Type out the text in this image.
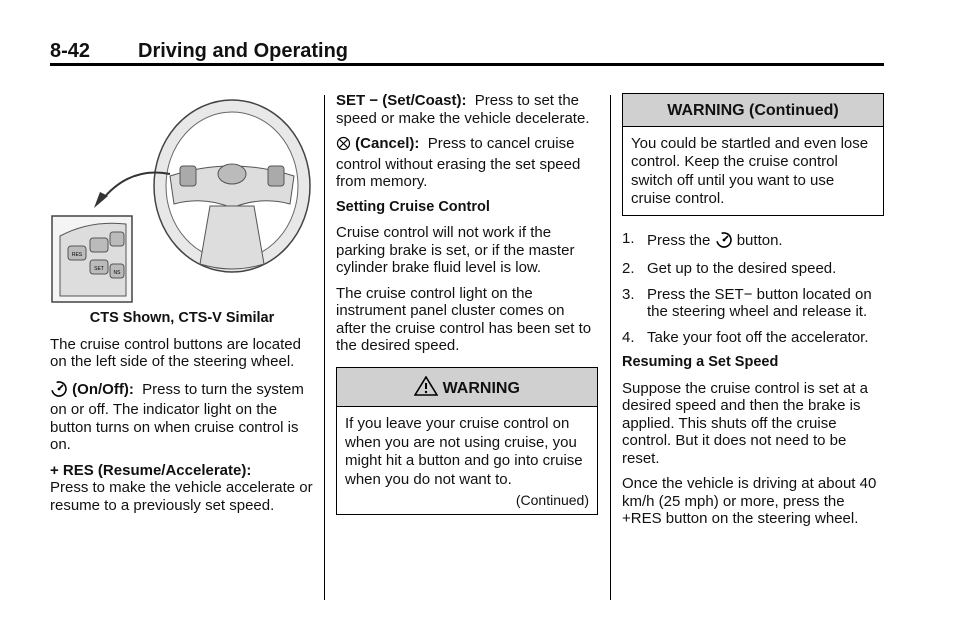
8-42 Driving and Operating
RES
SET
NS

CTS Shown, CTS-V Similar

The cruise control buttons are located on the left side of the steering wheel.

(On/Off): Press to turn the system on or off. The indicator light on the button turns on when cruise control is on.

+ RES (Resume/Accelerate):
Press to make the vehicle accelerate or resume to a previously set speed.

SET − (Set/Coast): Press to set the speed or make the vehicle decelerate.

(Cancel): Press to cancel cruise control without erasing the set speed from memory.

Setting Cruise Control

Cruise control will not work if the parking brake is set, or if the master cylinder brake fluid level is low.

The cruise control light on the instrument panel cluster comes on after the cruise control has been set to the desired speed.

WARNING
If you leave your cruise control on when you are not using cruise, you might hit a button and go into cruise when you do not want to.
(Continued)
WARNING (Continued)
You could be startled and even lose control. Keep the cruise control switch off until you want to use cruise control.
1. Press the button.
2. Get up to the desired speed.
3. Press the SET− button located on the steering wheel and release it.
4. Take your foot off the accelerator.

Resuming a Set Speed

Suppose the cruise control is set at a desired speed and then the brake is applied. This shuts off the cruise control. But it does not need to be reset.

Once the vehicle is driving at about 40 km/h (25 mph) or more, press the +RES button on the steering wheel.
